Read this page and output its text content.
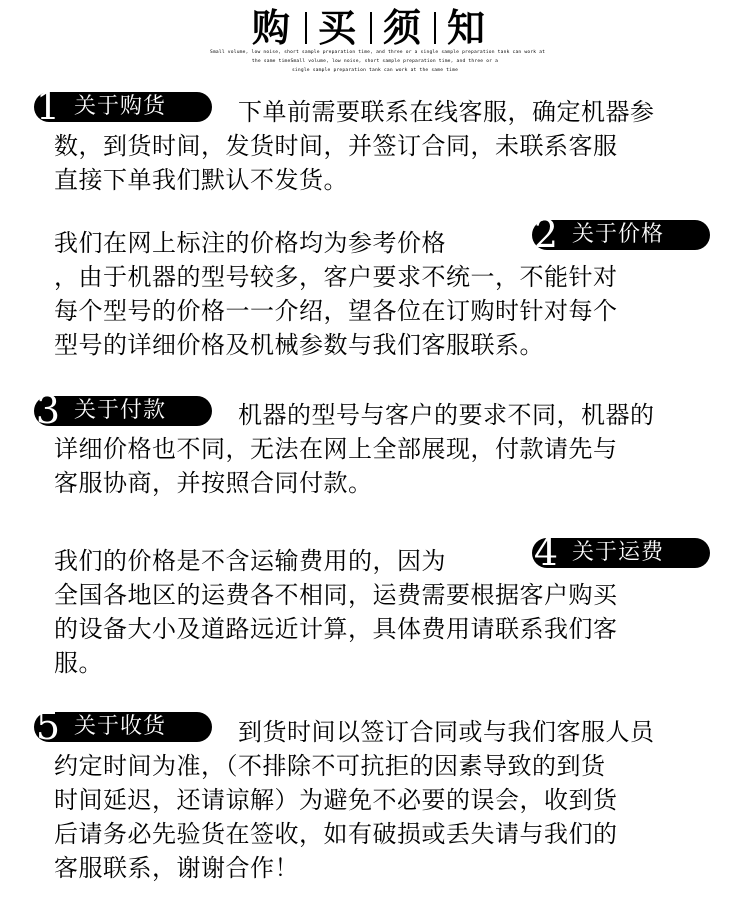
购 买 须 知
Small volume, low noise, short sample preparation time, and three or a single sample preparation tank can work at
the same timeSmall volume, low noise, short sample preparation time, and three or a
single sample preparation tank can work at the same time
1 关于购货	下单前需要联系在线客服，确定机器参
数，到货时间，发货时间，并签订合同，未联系客服
直接下单我们默认不发货。
2 关于价格
我们在网上标注的价格均为参考价格
，由于机器的型号较多，客户要求不统一，不能针对
每个型号的价格一一介绍，望各位在订购时针对每个
型号的详细价格及机械参数与我们客服联系。
3 关于付款	机器的型号与客户的要求不同，机器的
详细价格也不同，无法在网上全部展现，付款请先与
客服协商，并按照合同付款。
4 关于运费
我们的价格是不含运输费用的，因为
全国各地区的运费各不相同，运费需要根据客户购买
的设备大小及道路远近计算，具体费用请联系我们客
服。
5 关于收货	到货时间以签订合同或与我们客服人员
约定时间为准，（不排除不可抗拒的因素导致的到货
时间延迟，还请谅解）为避免不必要的误会，收到货
后请务必先验货在签收，如有破损或丢失请与我们的
客服联系，谢谢合作！
